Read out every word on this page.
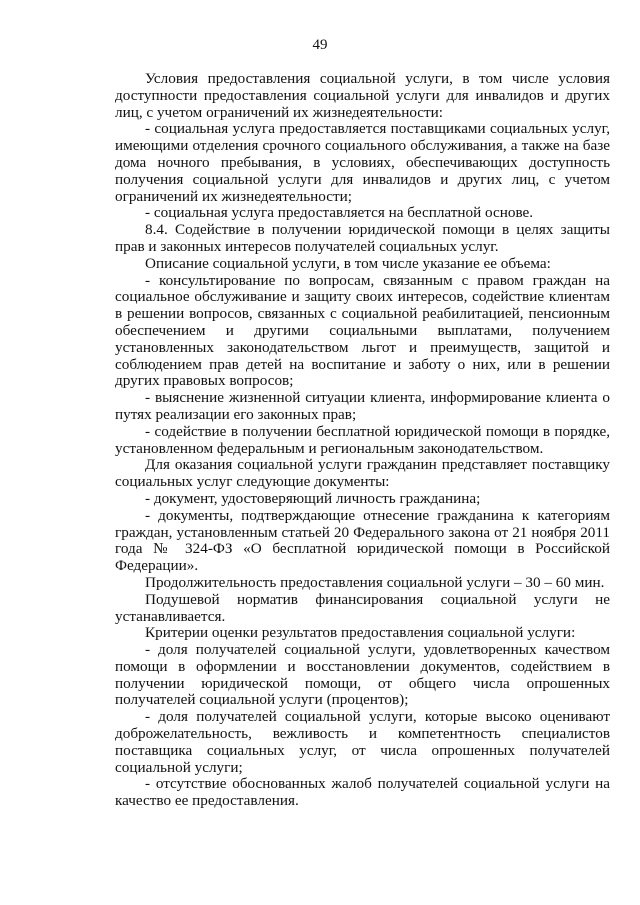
49

Условия предоставления социальной услуги, в том числе условия доступности предоставления социальной услуги для инвалидов и других лиц, с учетом ограничений их жизнедеятельности:

- социальная услуга предоставляется поставщиками социальных услуг, имеющими отделения срочного социального обслуживания, а также на базе дома ночного пребывания, в условиях, обеспечивающих доступность получения социальной услуги для инвалидов и других лиц, с учетом ограничений их жизнедеятельности;

- социальная услуга предоставляется на бесплатной основе.

8.4. Содействие в получении юридической помощи в целях защиты прав и законных интересов получателей социальных услуг.

Описание социальной услуги, в том числе указание ее объема:

- консультирование по вопросам, связанным с правом граждан на социальное обслуживание и защиту своих интересов, содействие клиентам в решении вопросов, связанных с социальной реабилитацией, пенсионным обеспечением и другими социальными выплатами, получением установленных законодательством льгот и преимуществ, защитой и соблюдением прав детей на воспитание и заботу о них, или в решении других правовых вопросов;

- выяснение жизненной ситуации клиента, информирование клиента о путях реализации его законных прав;

- содействие в получении бесплатной юридической помощи в порядке, установленном федеральным и региональным законодательством.

Для оказания социальной услуги гражданин представляет поставщику социальных услуг следующие документы:

- документ, удостоверяющий личность гражданина;

- документы, подтверждающие отнесение гражданина к категориям граждан, установленным статьей 20 Федерального закона от 21 ноября 2011 года № 324-ФЗ «О бесплатной юридической помощи в Российской Федерации».

Продолжительность предоставления социальной услуги – 30 – 60 мин.

Подушевой норматив финансирования социальной услуги не устанавливается.

Критерии оценки результатов предоставления социальной услуги:

- доля получателей социальной услуги, удовлетворенных качеством помощи в оформлении и восстановлении документов, содействием в получении юридической помощи, от общего числа опрошенных получателей социальной услуги (процентов);

- доля получателей социальной услуги, которые высоко оценивают доброжелательность, вежливость и компетентность специалистов поставщика социальных услуг, от числа опрошенных получателей социальной услуги;

- отсутствие обоснованных жалоб получателей социальной услуги на качество ее предоставления.
